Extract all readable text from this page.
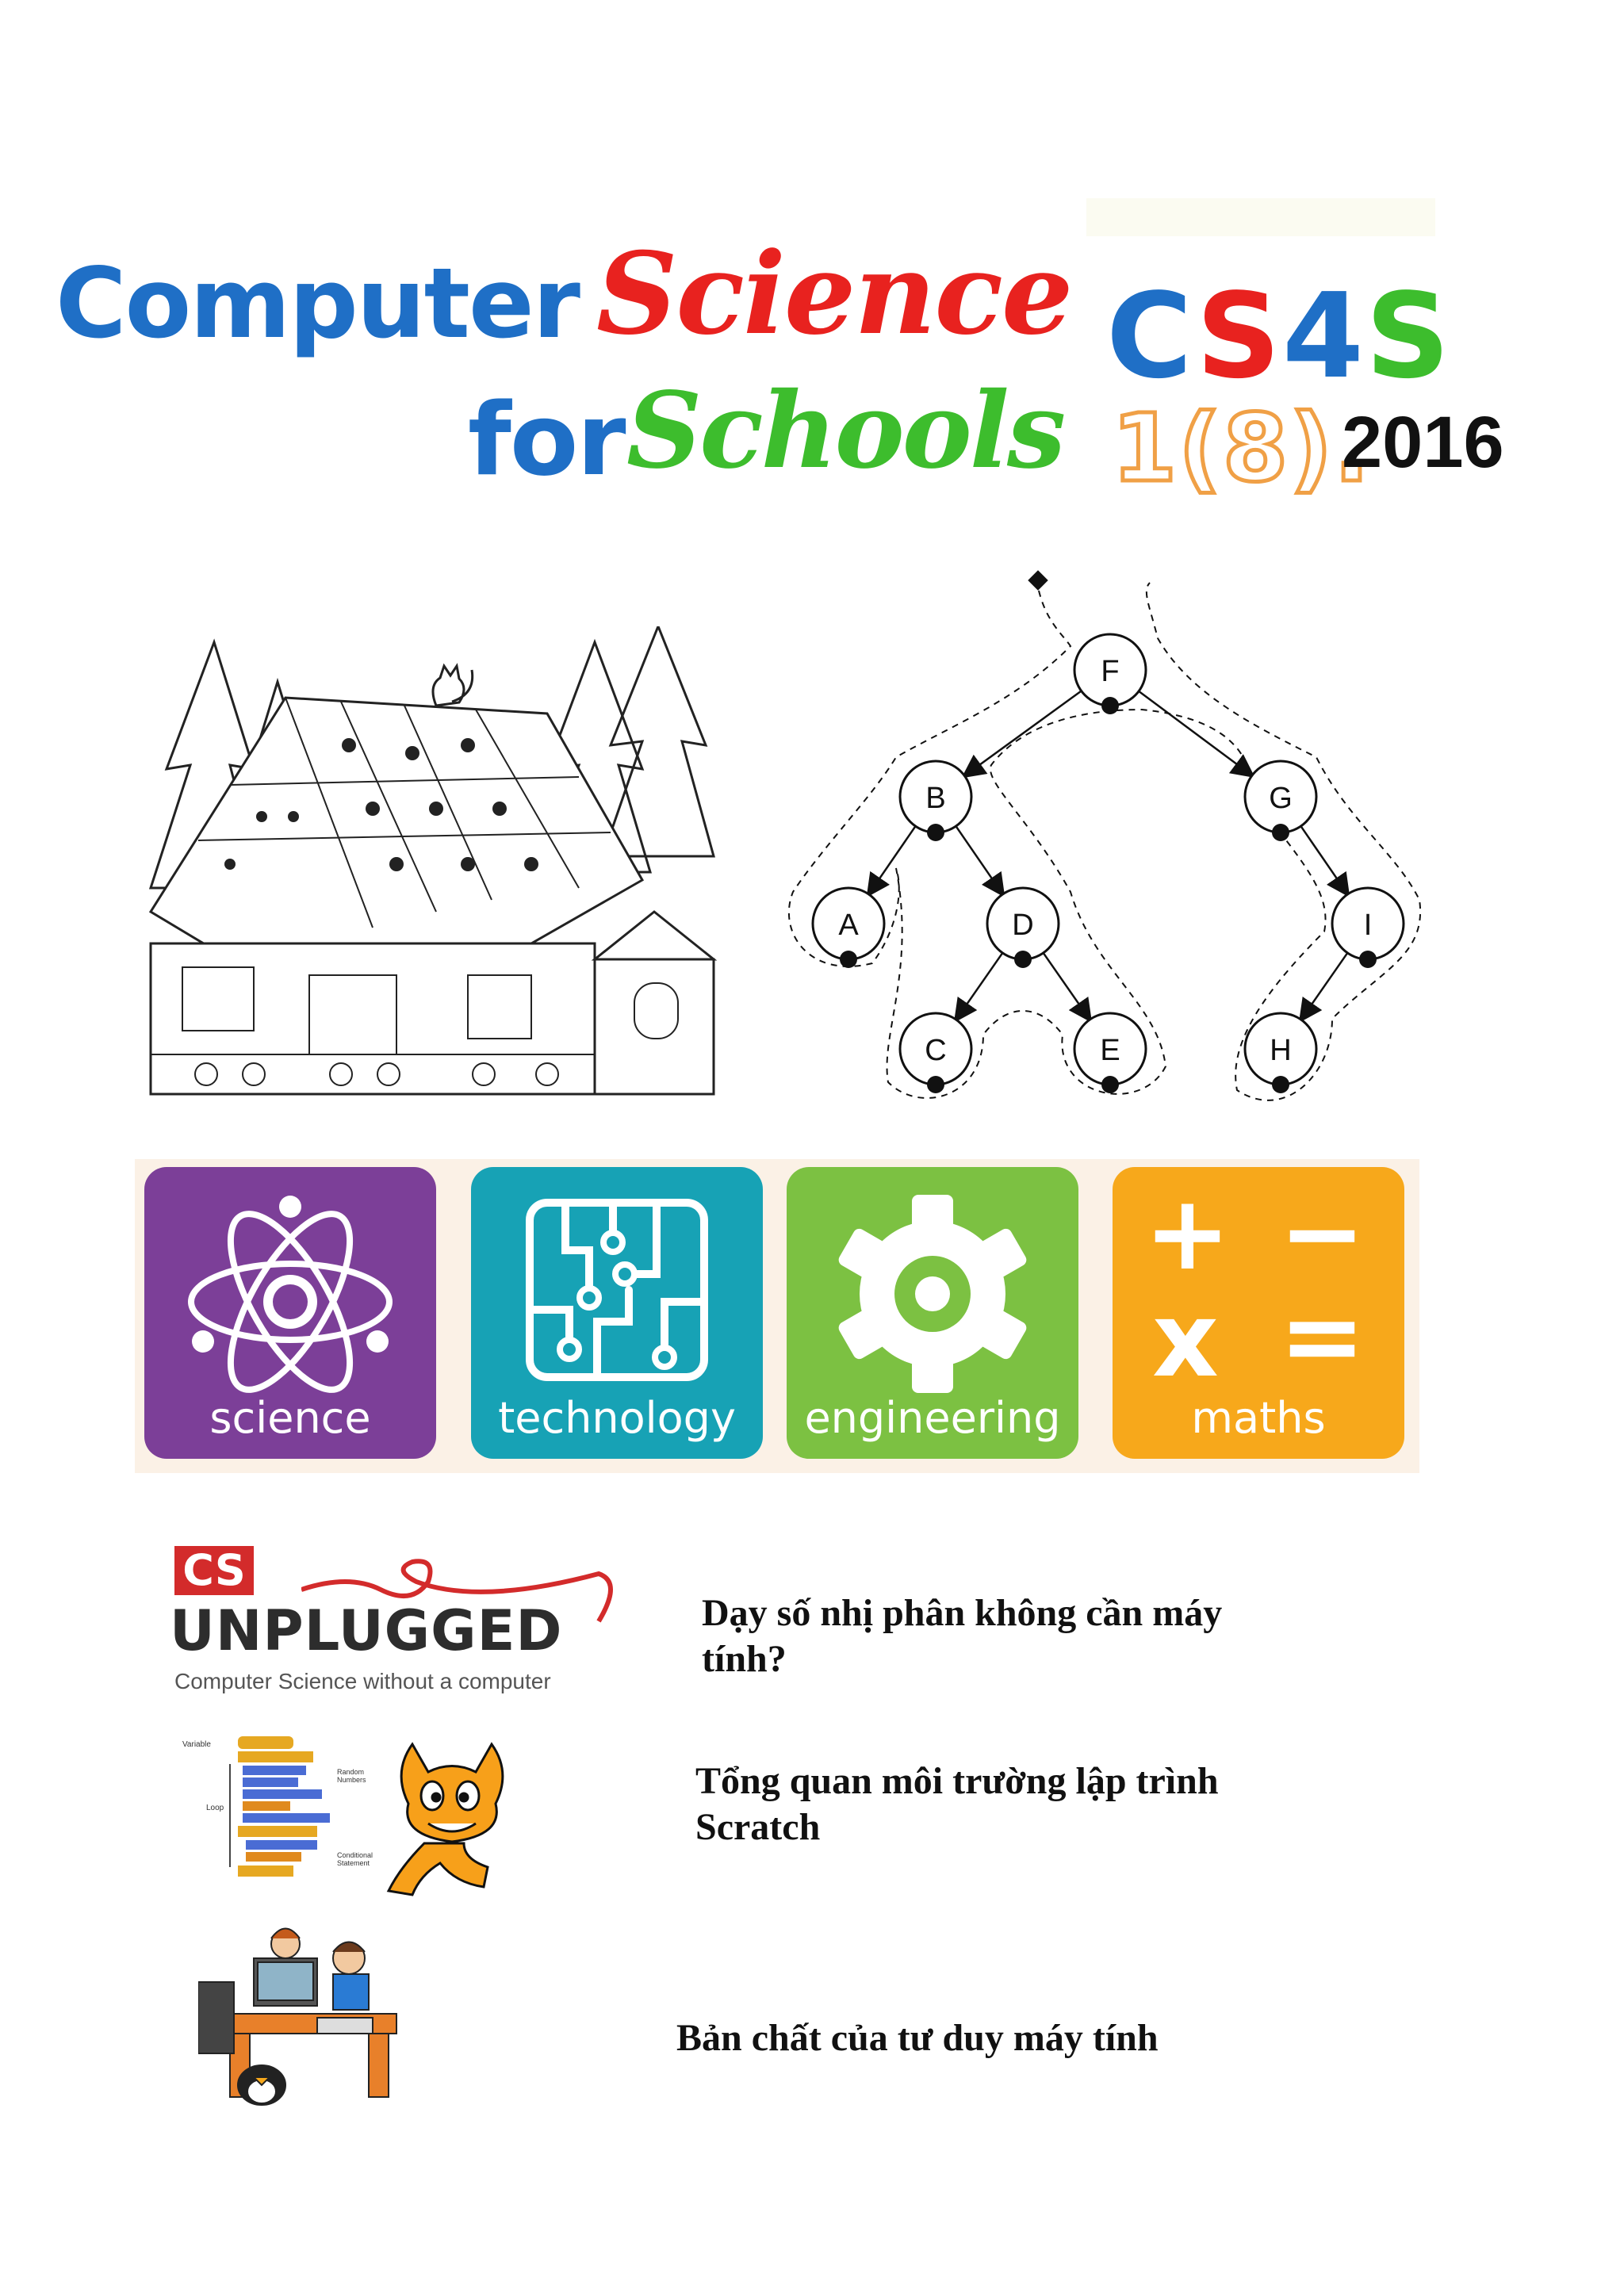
Computer Science
for Schools
CS4S
1(8).
2016
F
B	G
A	D	I
C	E	H
science	technology	engineering
+ −
x =
maths
CS
UNPLUGGED
Computer Science without a computer
Dạy số nhị phân không cần máy tính?
Variable
Loop
Random Numbers
Conditional Statement
Tổng quan môi trường lập trình Scratch
Bản chất của tư duy máy tính
